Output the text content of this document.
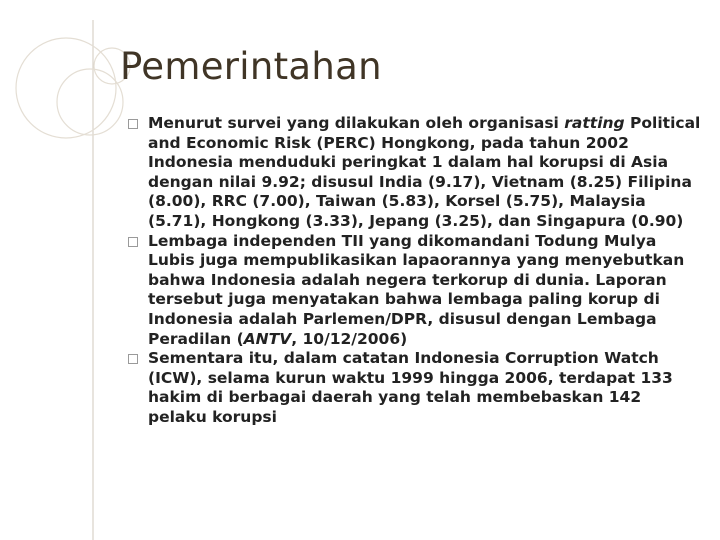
Pemerintahan
Menurut survei yang dilakukan oleh organisasi ratting Political and Economic Risk (PERC) Hongkong, pada tahun 2002 Indonesia menduduki peringkat 1 dalam hal korupsi di Asia dengan nilai 9.92; disusul India (9.17), Vietnam (8.25) Filipina (8.00), RRC (7.00), Taiwan (5.83), Korsel (5.75), Malaysia (5.71), Hongkong (3.33), Jepang (3.25), dan Singapura (0.90)
Lembaga independen TII yang dikomandani Todung Mulya Lubis juga mempublikasikan lapaorannya yang menyebutkan bahwa Indonesia adalah negera terkorup di dunia. Laporan tersebut juga menyatakan bahwa lembaga paling korup di Indonesia adalah Parlemen/DPR, disusul dengan Lembaga Peradilan (ANTV, 10/12/2006)
Sementara itu, dalam catatan Indonesia Corruption Watch (ICW), selama kurun waktu 1999 hingga 2006, terdapat 133 hakim di berbagai daerah yang telah membebaskan 142 pelaku korupsi
